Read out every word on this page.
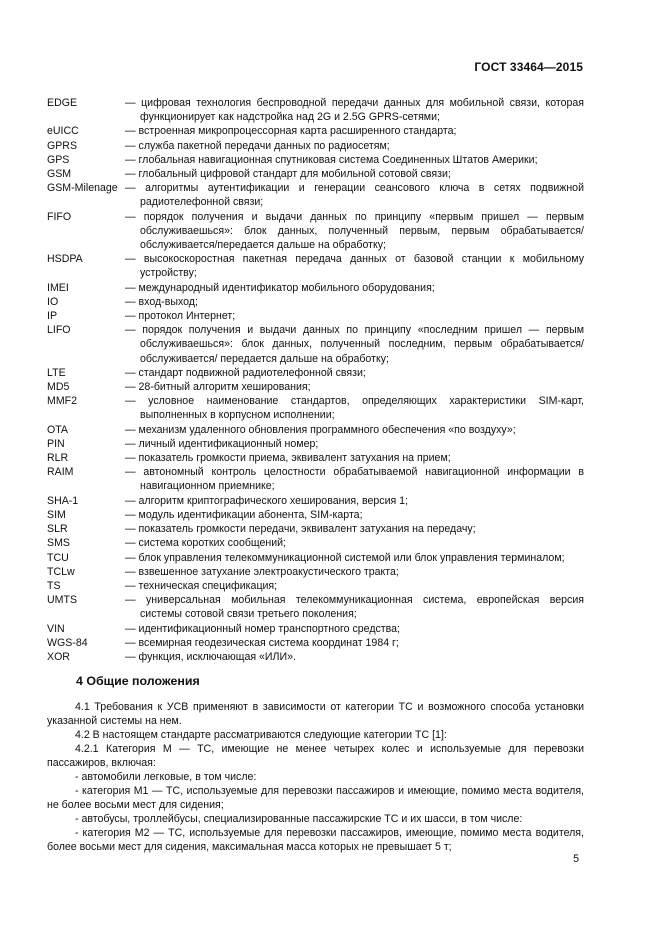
ГОСТ 33464—2015
EDGE	— цифровая технология беспроводной передачи данных для мобильной связи, которая функционирует как надстройка над 2G и 2.5G GPRS-сетями;
eUICC	— встроенная микропроцессорная карта расширенного стандарта;
GPRS	— служба пакетной передачи данных по радиосетям;
GPS	— глобальная навигационная спутниковая система Соединенных Штатов Америки;
GSM	— глобальный цифровой стандарт для мобильной сотовой связи;
GSM-Milenage — алгоритмы аутентификации и генерации сеансового ключа в сетях подвижной радиотелефонной связи;
FIFO	— порядок получения и выдачи данных по принципу «первым пришел — первым обслуживаешься»: блок данных, полученный первым, первым обрабатывается/обслуживается/передается дальше на обработку;
HSDPA	— высокоскоростная пакетная передача данных от базовой станции к мобильному устройству;
IMEI	— международный идентификатор мобильного оборудования;
IO	— вход-выход;
IP	— протокол Интернет;
LIFO	— порядок получения и выдачи данных по принципу «последним пришел — первым обслуживаешься»: блок данных, полученный последним, первым обрабатывается/обслуживается/ передается дальше на обработку;
LTE	— стандарт подвижной радиотелефонной связи;
MD5	— 28-битный алгоритм хеширования;
MMF2	— условное наименование стандартов, определяющих характеристики SIM-карт, выполненных в корпусном исполнении;
OTA	— механизм удаленного обновления программного обеспечения «по воздуху»;
PIN	— личный идентификационный номер;
RLR	— показатель громкости приема, эквивалент затухания на прием;
RAIM	— автономный контроль целостности обрабатываемой навигационной информации в навигационном приемнике;
SHA-1	— алгоритм криптографического хеширования, версия 1;
SIM	— модуль идентификации абонента, SIM-карта;
SLR	— показатель громкости передачи, эквивалент затухания на передачу;
SMS	— система коротких сообщений;
TCU	— блок управления телекоммуникационной системой или блок управления терминалом;
TCLw	— взвешенное затухание электроакустического тракта;
TS	— техническая спецификация;
UMTS	— универсальная мобильная телекоммуникационная система, европейская версия системы сотовой связи третьего поколения;
VIN	— идентификационный номер транспортного средства;
WGS-84	— всемирная геодезическая система координат 1984 г;
XOR	— функция, исключающая «ИЛИ».
4 Общие положения

4.1 Требования к УСВ применяют в зависимости от категории ТС и возможного способа установки указанной системы на нем.

4.2 В настоящем стандарте рассматриваются следующие категории ТС [1]:

4.2.1 Категория М — ТС, имеющие не менее четырех колес и используемые для перевозки пассажиров, включая:

- автомобили легковые, в том числе:

- категория М1 — ТС, используемые для перевозки пассажиров и имеющие, помимо места водителя, не более восьми мест для сидения;

- автобусы, троллейбусы, специализированные пассажирские ТС и их шасси, в том числе:

- категория М2 — ТС, используемые для перевозки пассажиров, имеющие, помимо места водителя, более восьми мест для сидения, максимальная масса которых не превышает 5 т;

5
